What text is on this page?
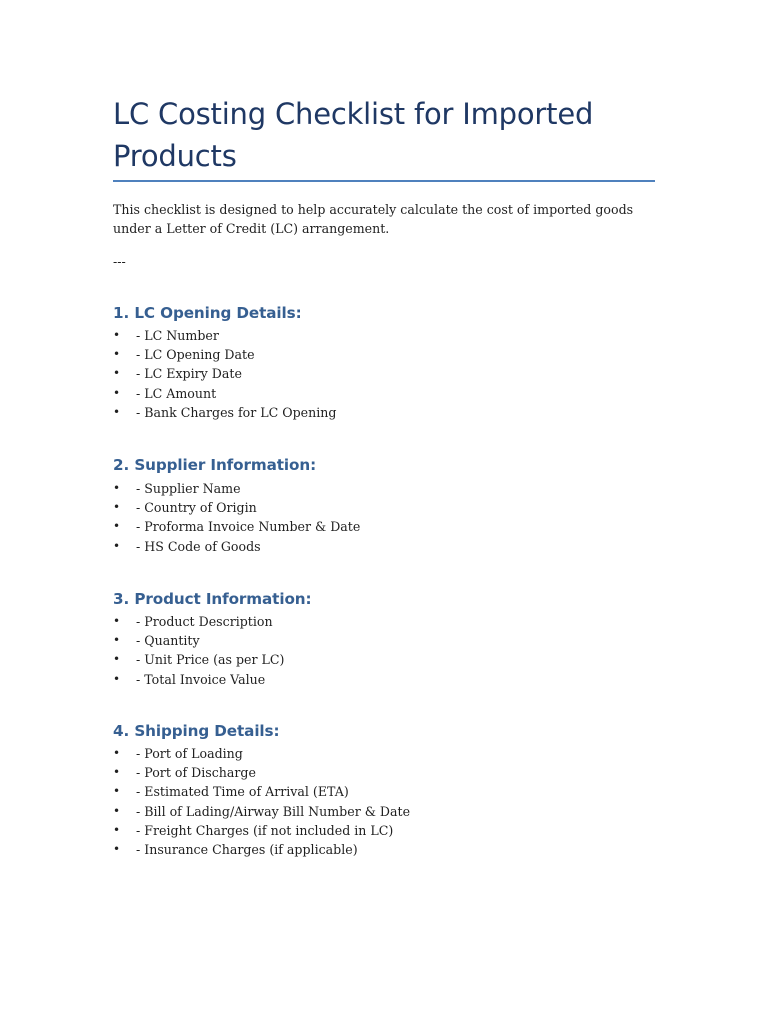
LC Costing Checklist for Imported Products

This checklist is designed to help accurately calculate the cost of imported goods under a Letter of Credit (LC) arrangement.

---

1. LC Opening Details:
• - LC Number
• - LC Opening Date
• - LC Expiry Date
• - LC Amount
• - Bank Charges for LC Opening
2. Supplier Information:
• - Supplier Name
• - Country of Origin
• - Proforma Invoice Number & Date
• - HS Code of Goods
3. Product Information:
• - Product Description
• - Quantity
• - Unit Price (as per LC)
• - Total Invoice Value
4. Shipping Details:
• - Port of Loading
• - Port of Discharge
• - Estimated Time of Arrival (ETA)
• - Bill of Lading/Airway Bill Number & Date
• - Freight Charges (if not included in LC)
• - Insurance Charges (if applicable)
